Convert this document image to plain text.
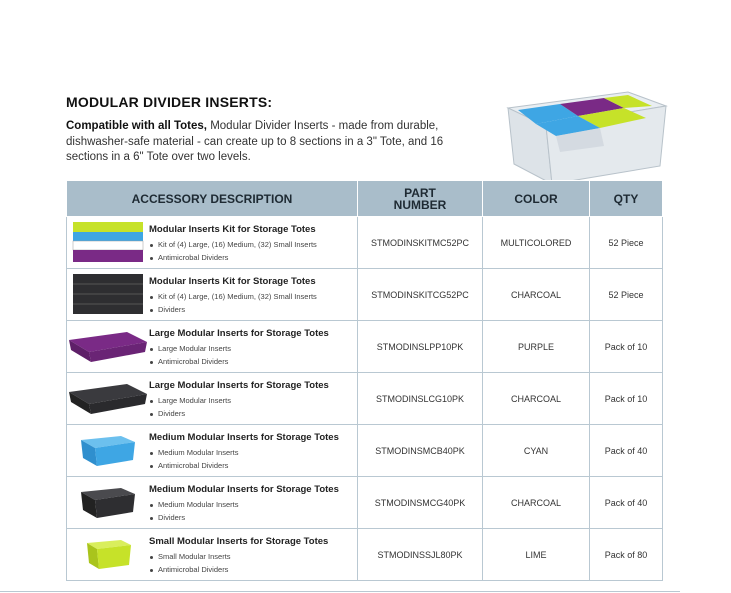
MODULAR DIVIDER INSERTS:
Compatible with all Totes, Modular Divider Inserts - made from durable, dishwasher-safe material - can create up to 8 sections in a 3" Tote, and 16 sections in a 6" Tote over two levels.
ACCESSORY DESCRIPTION	PART
NUMBER	COLOR	QTY

Modular Inserts Kit for Storage Totes
Kit of (4) Large, (16) Medium, (32) Small Inserts
Antimicrobal Dividers	STMODINSKITMC52PC	MULTICOLORED	52 Piece

Modular Inserts Kit for Storage Totes
Kit of (4) Large, (16) Medium, (32) Small Inserts
Dividers	STMODINSKITCG52PC	CHARCOAL	52 Piece

Large Modular Inserts for Storage Totes
Large Modular Inserts
Antimicrobal Dividers	STMODINSLPP10PK	PURPLE	Pack of 10

Large Modular Inserts for Storage Totes
Large Modular Inserts
Dividers	STMODINSLCG10PK	CHARCOAL	Pack of 10

Medium Modular Inserts for Storage Totes
Medium Modular Inserts
Antimicrobal Dividers	STMODINSMCB40PK	CYAN	Pack of 40

Medium Modular Inserts for Storage Totes
Medium Modular Inserts
Dividers	STMODINSMCG40PK	CHARCOAL	Pack of 40

Small Modular Inserts for Storage Totes
Small Modular Inserts
Antimicrobal Dividers	STMODINSSJL80PK	LIME	Pack of 80
